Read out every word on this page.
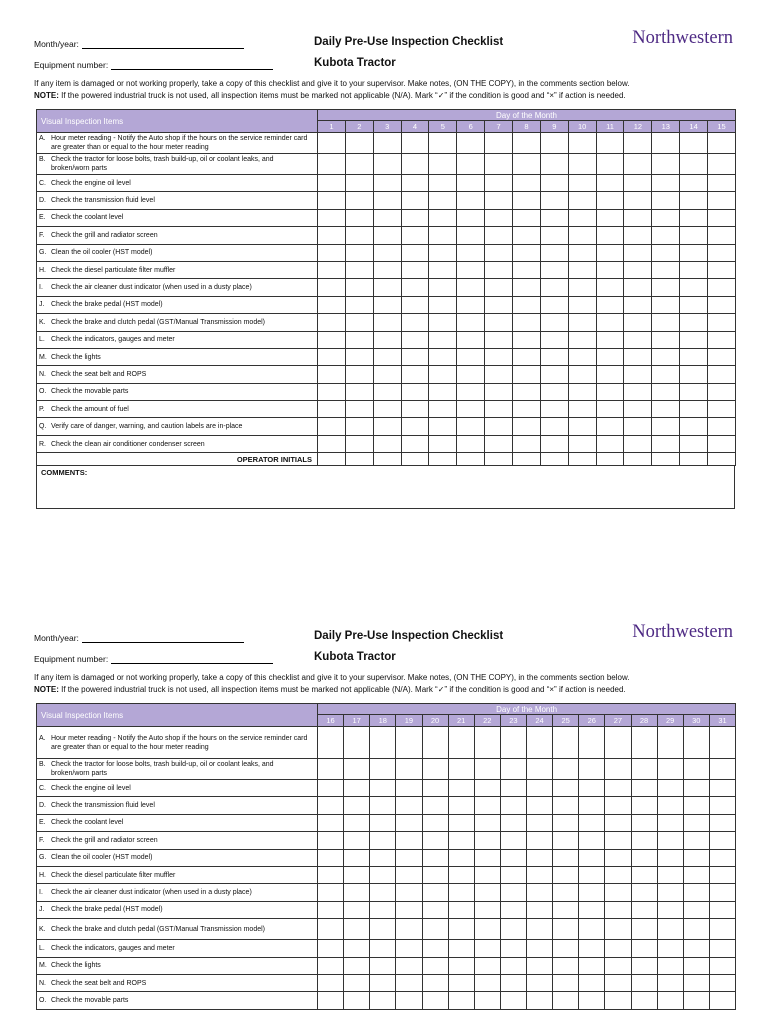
Month/year:
Equipment number:
Daily Pre-Use Inspection Checklist
Kubota Tractor
Northwestern
If any item is damaged or not working properly, take a copy of this checklist and give it to your supervisor. Make notes, (ON THE COPY), in the comments section below.
NOTE: If the powered industrial truck is not used, all inspection items must be marked not applicable (N/A). Mark “✓” if the condition is good and “×” if action is needed.
Visual Inspection Items	Day of the Month														
	1	2	3	4	5	6	7	8	9	10	11	12	13	14	15
A. Hour meter reading - Notify the Auto shop if the hours on the service reminder card are greater than or equal to the hour meter reading															
B. Check the tractor for loose bolts, trash build-up, oil or coolant leaks, and broken/worn parts															
C. Check the engine oil level															
D. Check the transmission fluid level															
E. Check the coolant level															
F. Check the grill and radiator screen															
G. Clean the oil cooler (HST model)															
H. Check the diesel particulate filter muffler															
I. Check the air cleaner dust indicator (when used in a dusty place)															
J. Check the brake pedal (HST model)															
K. Check the brake and clutch pedal (GST/Manual Transmission model)															
L. Check the indicators, gauges and meter															
M. Check the lights															
N. Check the seat belt and ROPS															
O. Check the movable parts															
P. Check the amount of fuel															
Q. Verify care of danger, warning, and caution labels are in-place															
R. Check the clean air conditioner condenser screen															
OPERATOR INITIALS															
COMMENTS:
Month/year:
Equipment number:
Daily Pre-Use Inspection Checklist
Kubota Tractor
Northwestern
If any item is damaged or not working properly, take a copy of this checklist and give it to your supervisor. Make notes, (ON THE COPY), in the comments section below.
NOTE: If the powered industrial truck is not used, all inspection items must be marked not applicable (N/A). Mark “✓” if the condition is good and “×” if action is needed.
Visual Inspection Items	Day of the Month															
	16	17	18	19	20	21	22	23	24	25	26	27	28	29	30	31
A. Hour meter reading - Notify the Auto shop if the hours on the service reminder card are greater than or equal to the hour meter reading																
B. Check the tractor for loose bolts, trash build-up, oil or coolant leaks, and broken/worn parts																
C. Check the engine oil level																
D. Check the transmission fluid level																
E. Check the coolant level																
F. Check the grill and radiator screen																
G. Clean the oil cooler (HST model)																
H. Check the diesel particulate filter muffler																
I. Check the air cleaner dust indicator (when used in a dusty place)																
J. Check the brake pedal (HST model)																
K. Check the brake and clutch pedal (GST/Manual Transmission model)																
L. Check the indicators, gauges and meter																
M. Check the lights																
N. Check the seat belt and ROPS																
O. Check the movable parts																
